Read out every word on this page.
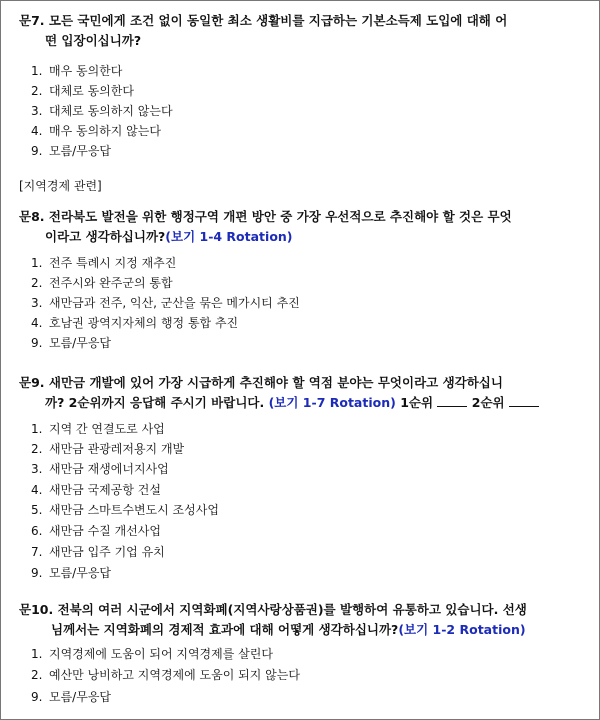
문7. 모든 국민에게 조건 없이 동일한 최소 생활비를 지급하는 기본소득제 도입에 대해 어
떤 입장이십니까?
1. 매우 동의한다
2. 대체로 동의한다
3. 대체로 동의하지 않는다
4. 매우 동의하지 않는다
9. 모름/무응답
[지역경제 관련]
문8. 전라북도 발전을 위한 행정구역 개편 방안 중 가장 우선적으로 추진해야 할 것은 무엇
이라고 생각하십니까?(보기 1-4 Rotation)
1. 전주 특례시 지정 재추진
2. 전주시와 완주군의 통합
3. 새만금과 전주, 익산, 군산을 묶은 메가시티 추진
4. 호남권 광역지자체의 행정 통합 추진
9. 모름/무응답
문9. 새만금 개발에 있어 가장 시급하게 추진해야 할 역점 분야는 무엇이라고 생각하십니
까? 2순위까지 응답해 주시기 바랍니다. (보기 1-7 Rotation) 1순위	2순위
1. 지역 간 연결도로 사업
2. 새만금 관광레저용지 개발
3. 새만금 재생에너지사업
4. 새만금 국제공항 건설
5. 새만금 스마트수변도시 조성사업
6. 새만금 수질 개선사업
7. 새만금 입주 기업 유치
9. 모름/무응답
문10. 전북의 여러 시군에서 지역화폐(지역사랑상품권)를 발행하여 유통하고 있습니다. 선생
님께서는 지역화폐의 경제적 효과에 대해 어떻게 생각하십니까?(보기 1-2 Rotation)
1. 지역경제에 도움이 되어 지역경제를 살린다
2. 예산만 낭비하고 지역경제에 도움이 되지 않는다
9. 모름/무응답
